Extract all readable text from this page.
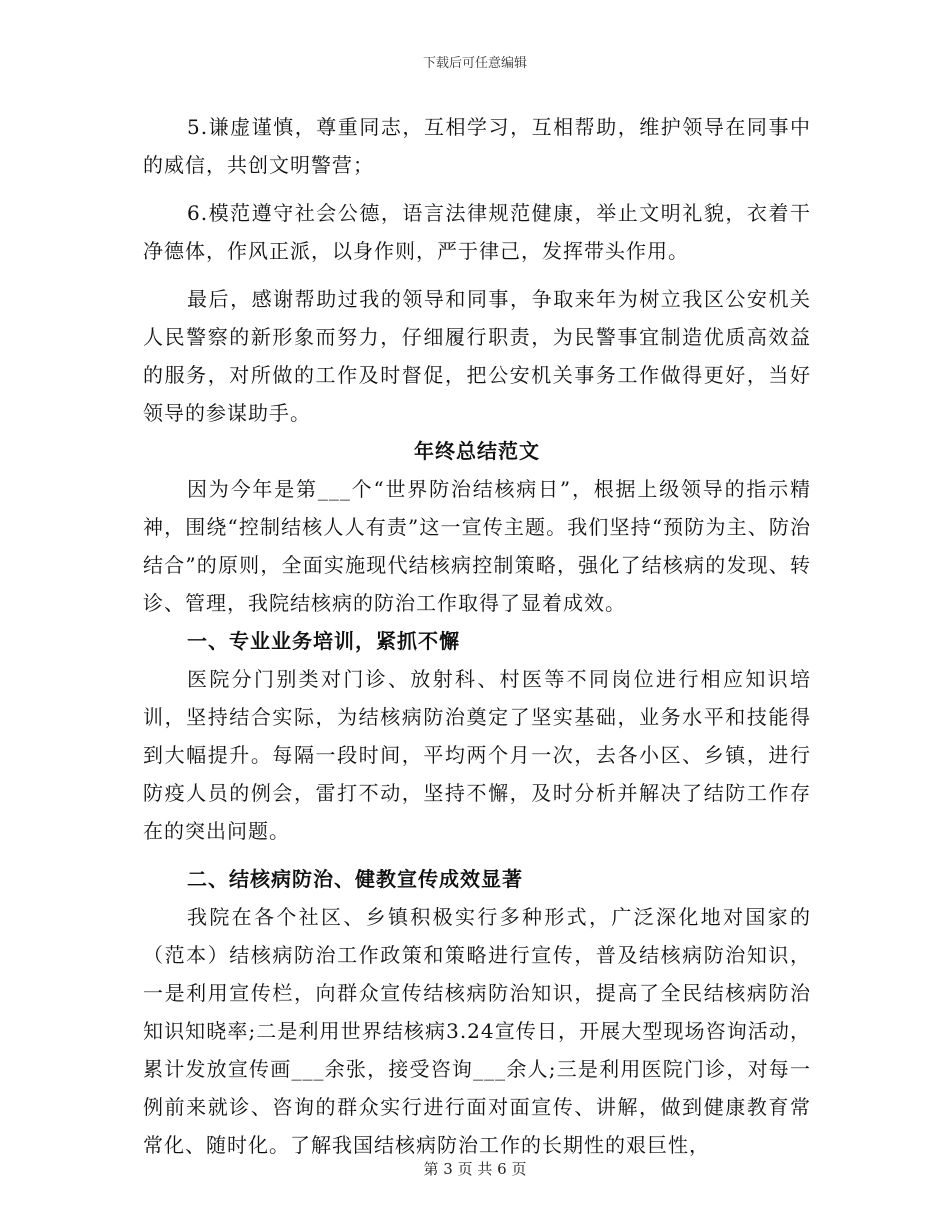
下载后可任意编辑

5.谦虚谨慎，尊重同志，互相学习，互相帮助，维护领导在同事中的威信，共创文明警营；

6.模范遵守社会公德，语言法律规范健康，举止文明礼貌，衣着干净德体，作风正派，以身作则，严于律己，发挥带头作用。

最后，感谢帮助过我的领导和同事，争取来年为树立我区公安机关人民警察的新形象而努力，仔细履行职责，为民警事宜制造优质高效益的服务，对所做的工作及时督促，把公安机关事务工作做得更好，当好领导的参谋助手。

年终总结范文

因为今年是第___个“世界防治结核病日”，根据上级领导的指示精神，围绕“控制结核人人有责”这一宣传主题。我们坚持“预防为主、防治结合”的原则，全面实施现代结核病控制策略，强化了结核病的发现、转诊、管理，我院结核病的防治工作取得了显着成效。

一、专业业务培训，紧抓不懈

医院分门别类对门诊、放射科、村医等不同岗位进行相应知识培训，坚持结合实际，为结核病防治奠定了坚实基础，业务水平和技能得到大幅提升。每隔一段时间，平均两个月一次，去各小区、乡镇，进行防疫人员的例会，雷打不动，坚持不懈，及时分析并解决了结防工作存在的突出问题。

二、结核病防治、健教宣传成效显著

我院在各个社区、乡镇积极实行多种形式，广泛深化地对国家的（范本）结核病防治工作政策和策略进行宣传，普及结核病防治知识，一是利用宣传栏，向群众宣传结核病防治知识，提高了全民结核病防治知识知晓率;二是利用世界结核病3.24宣传日，开展大型现场咨询活动，累计发放宣传画___余张，接受咨询___余人;三是利用医院门诊，对每一例前来就诊、咨询的群众实行进行面对面宣传、讲解，做到健康教育常常化、随时化。了解我国结核病防治工作的长期性的艰巨性，

第 3 页 共 6 页
